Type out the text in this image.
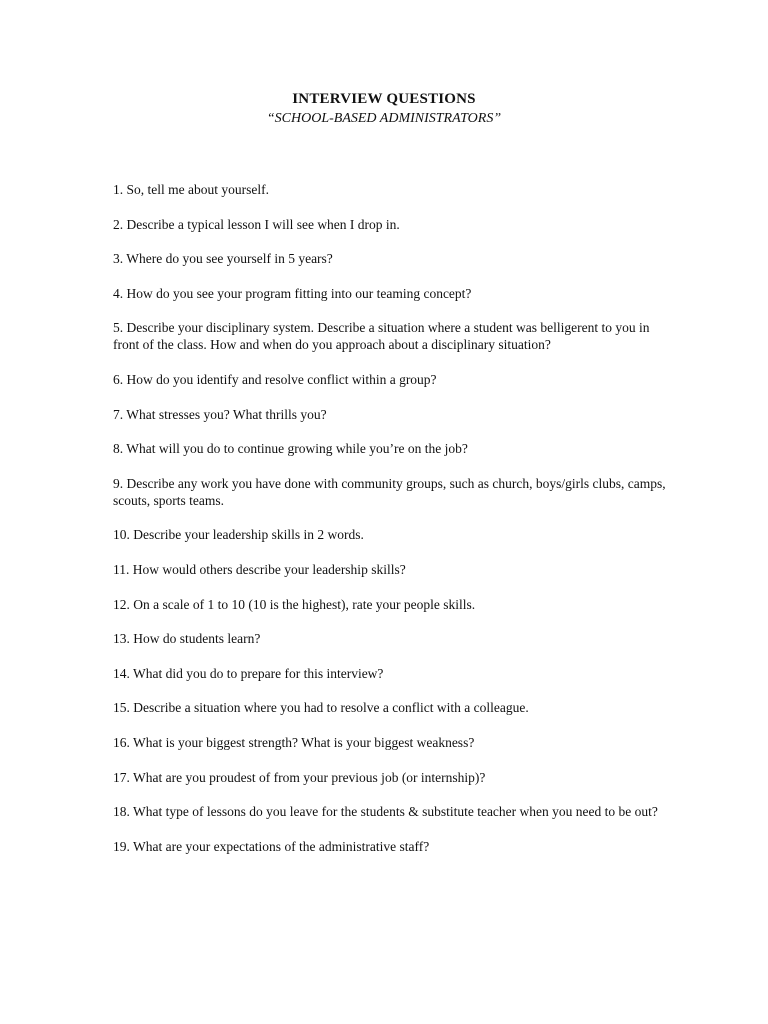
INTERVIEW QUESTIONS
“SCHOOL-BASED ADMINISTRATORS”
1. So, tell me about yourself.
2. Describe a typical lesson I will see when I drop in.
3. Where do you see yourself in 5 years?
4. How do you see your program fitting into our teaming concept?
5. Describe your disciplinary system. Describe a situation where a student was belligerent to you in front of the class. How and when do you approach about a disciplinary situation?
6. How do you identify and resolve conflict within a group?
7. What stresses you? What thrills you?
8. What will you do to continue growing while you’re on the job?
9. Describe any work you have done with community groups, such as church, boys/girls clubs, camps, scouts, sports teams.
10. Describe your leadership skills in 2 words.
11. How would others describe your leadership skills?
12. On a scale of 1 to 10 (10 is the highest), rate your people skills.
13. How do students learn?
14. What did you do to prepare for this interview?
15. Describe a situation where you had to resolve a conflict with a colleague.
16. What is your biggest strength? What is your biggest weakness?
17. What are you proudest of from your previous job (or internship)?
18. What type of lessons do you leave for the students & substitute teacher when you need to be out?
19. What are your expectations of the administrative staff?
